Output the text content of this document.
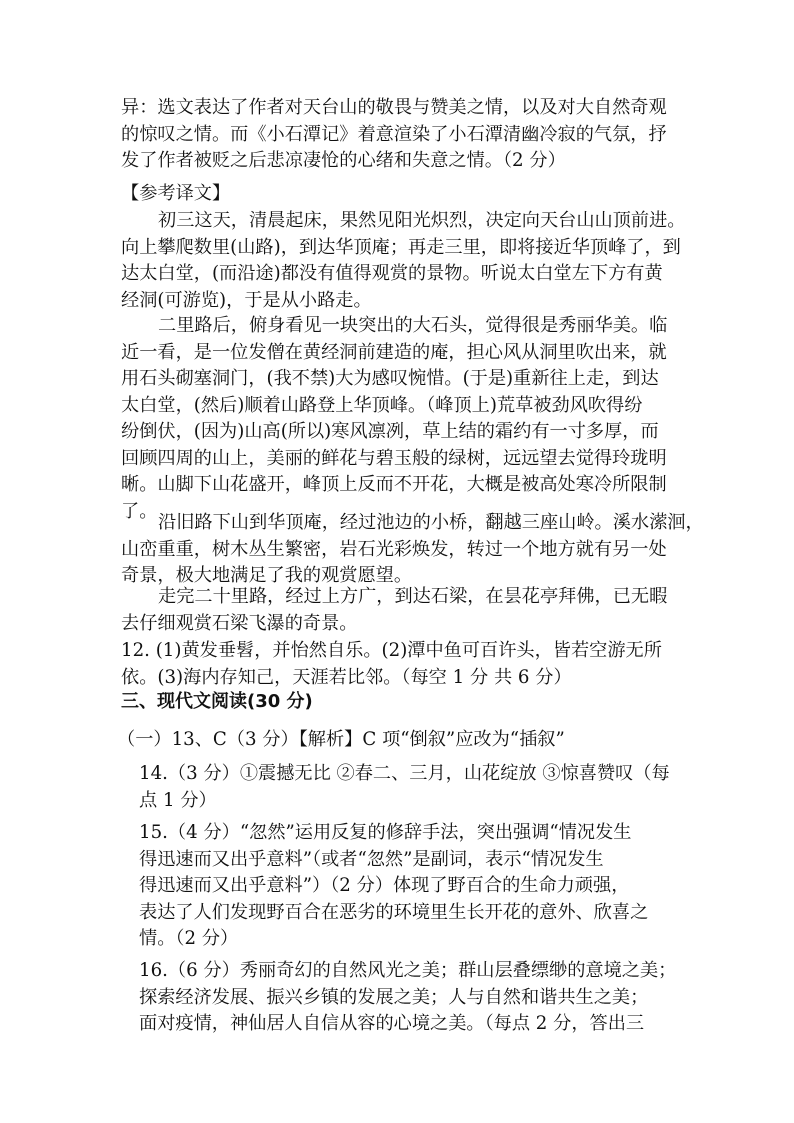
异：选文表达了作者对天台山的敬畏与赞美之情，以及对大自然奇观

的惊叹之情。而《小石潭记》着意渲染了小石潭清幽冷寂的气氛，抒

发了作者被贬之后悲凉凄怆的心绪和失意之情。（2 分）

【参考译文】

初三这天，清晨起床，果然见阳光炽烈，决定向天台山山顶前进。

向上攀爬数里(山路)，到达华顶庵；再走三里，即将接近华顶峰了，到

达太白堂，(而沿途)都没有值得观赏的景物。听说太白堂左下方有黄

经洞(可游览)，于是从小路走。

二里路后，俯身看见一块突出的大石头，觉得很是秀丽华美。临

近一看，是一位发僧在黄经洞前建造的庵，担心风从洞里吹出来，就

用石头砌塞洞门，(我不禁)大为感叹惋惜。(于是)重新往上走，到达

太白堂，(然后)顺着山路登上华顶峰。（峰顶上)荒草被劲风吹得纷

纷倒伏，(因为)山高(所以)寒风凛冽，草上结的霜约有一寸多厚，而

回顾四周的山上，美丽的鲜花与碧玉般的绿树，远远望去觉得玲珑明

晰。山脚下山花盛开，峰顶上反而不开花，大概是被高处寒冷所限制

了。

沿旧路下山到华顶庵，经过池边的小桥，翻越三座山岭。溪水潆洄，

山峦重重，树木丛生繁密，岩石光彩焕发，转过一个地方就有另一处

奇景，极大地满足了我的观赏愿望。

走完二十里路，经过上方广，到达石梁，在昙花亭拜佛，已无暇

去仔细观赏石梁飞瀑的奇景。

12. (1)黄发垂髫，并怡然自乐。(2)潭中鱼可百许头，皆若空游无所

依。(3)海内存知己，天涯若比邻。（每空 1 分 共 6 分）

三、现代文阅读(30 分)

（一）13、C（3 分）【解析】C 项“倒叙”应改为“插叙”

14.（3 分）①震撼无比 ②春二、三月，山花绽放 ③惊喜赞叹（每

点 1 分）

15.（4 分）“忽然”运用反复的修辞手法，突出强调“情况发生

得迅速而又出乎意料”（或者“忽然”是副词，表示“情况发生

得迅速而又出乎意料”）（2 分）体现了野百合的生命力顽强，

表达了人们发现野百合在恶劣的环境里生长开花的意外、欣喜之

情。（2 分）

16.（6 分）秀丽奇幻的自然风光之美；群山层叠缥缈的意境之美；

探索经济发展、振兴乡镇的发展之美；人与自然和谐共生之美；

面对疫情，神仙居人自信从容的心境之美。（每点 2 分，答出三
